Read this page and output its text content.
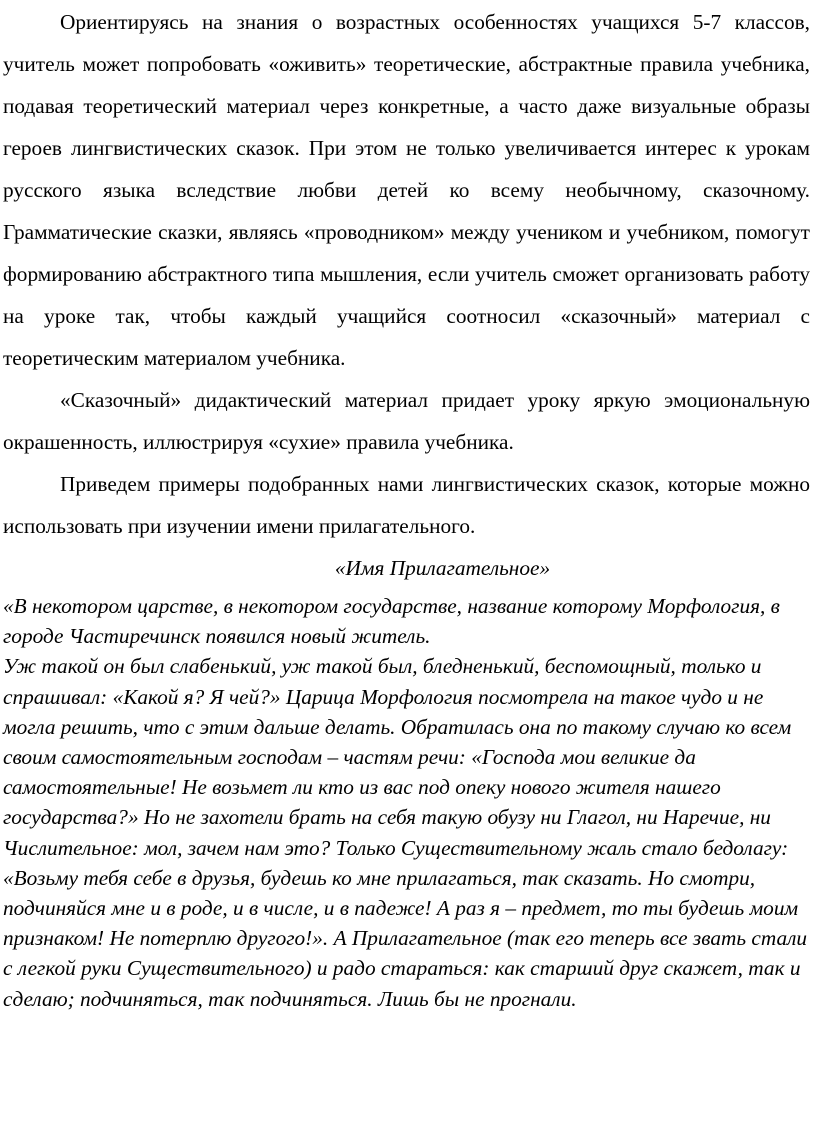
Ориентируясь на знания о возрастных особенностях учащихся 5-7 классов, учитель может попробовать «оживить» теоретические, абстрактные правила учебника, подавая теоретический материал через конкретные, а часто даже визуальные образы героев лингвистических сказок. При этом не только увеличивается интерес к урокам русского языка вследствие любви детей ко всему необычному, сказочному. Грамматические сказки, являясь «проводником» между учеником и учебником, помогут формированию абстрактного типа мышления, если учитель сможет организовать работу на уроке так, чтобы каждый учащийся соотносил «сказочный» материал с теоретическим материалом учебника.

«Сказочный» дидактический материал придает уроку яркую эмоциональную окрашенность, иллюстрируя «сухие» правила учебника.

Приведем примеры подобранных нами лингвистических сказок, которые можно использовать при изучении имени прилагательного.

«Имя Прилагательное»

«В некотором царстве, в некотором государстве, название которому Морфология, в городе Частиречинск появился новый житель.
Уж такой он был слабенький, уж такой был, бледненький, беспомощный, только и спрашивал: «Какой я? Я чей?» Царица Морфология посмотрела на такое чудо и не могла решить, что с этим дальше делать. Обратилась она по такому случаю ко всем своим самостоятельным господам – частям речи: «Господа мои великие да самостоятельные! Не возьмет ли кто из вас под опеку нового жителя нашего государства?» Но не захотели брать на себя такую обузу ни Глагол, ни Наречие, ни Числительное: мол, зачем нам это? Только Существительному жаль стало бедолагу: «Возьму тебя себе в друзья, будешь ко мне прилагаться, так сказать. Но смотри, подчиняйся мне и в роде, и в числе, и в падеже! А раз я – предмет, то ты будешь моим признаком! Не потерплю другого!». А Прилагательное (так его теперь все звать стали с легкой руки Существительного) и радо стараться: как старший друг скажет, так и сделаю; подчиняться, так подчиняться. Лишь бы не прогнали.
